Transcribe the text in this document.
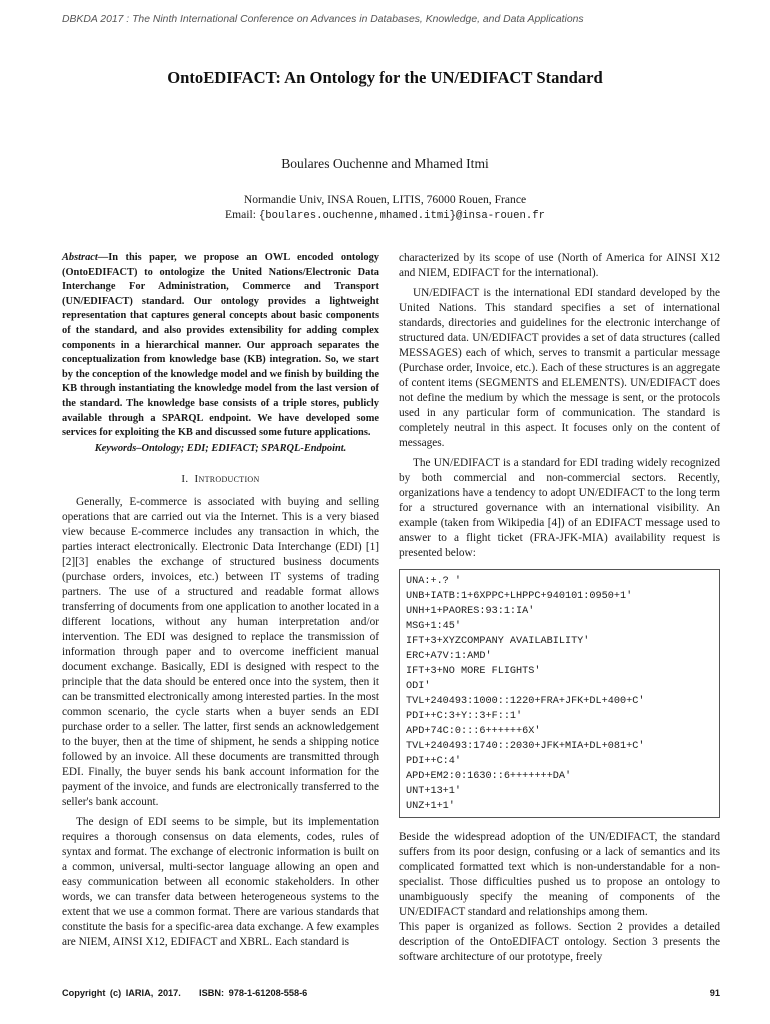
DBKDA 2017 : The Ninth International Conference on Advances in Databases, Knowledge, and Data Applications
OntoEDIFACT: An Ontology for the UN/EDIFACT Standard
Boulares Ouchenne and Mhamed Itmi
Normandie Univ, INSA Rouen, LITIS, 76000 Rouen, France
Email: {boulares.ouchenne,mhamed.itmi}@insa-rouen.fr

Abstract—In this paper, we propose an OWL encoded ontology (OntoEDIFACT) to ontologize the United Nations/Electronic Data Interchange For Administration, Commerce and Transport (UN/EDIFACT) standard. Our ontology provides a lightweight representation that captures general concepts about basic components of the standard, and also provides extensibility for adding complex components in a hierarchical manner. Our approach separates the conceptualization from knowledge base (KB) integration. So, we start by the conception of the knowledge model and we finish by building the KB through instantiating the knowledge model from the last version of the standard. The knowledge base consists of a triple stores, publicly available through a SPARQL endpoint. We have developed some services for exploiting the KB and discussed some future applications.

Keywords–Ontology; EDI; EDIFACT; SPARQL-Endpoint.

I. Introduction

Generally, E-commerce is associated with buying and selling operations that are carried out via the Internet. This is a very biased view because E-commerce includes any transaction in which, the parties interact electronically. Electronic Data Interchange (EDI) [1][2][3] enables the exchange of structured business documents (purchase orders, invoices, etc.) between IT systems of trading partners. The use of a structured and readable format allows transferring of documents from one application to another located in a different locations, without any human interpretation and/or intervention. The EDI was designed to replace the transmission of information through paper and to overcome inefficient manual document exchange. Basically, EDI is designed with respect to the principle that the data should be entered once into the system, then it can be transmitted electronically among interested parties. In the most common scenario, the cycle starts when a buyer sends an EDI purchase order to a seller. The latter, first sends an acknowledgement to the buyer, then at the time of shipment, he sends a shipping notice followed by an invoice. All these documents are transmitted through EDI. Finally, the buyer sends his bank account information for the payment of the invoice, and funds are electronically transferred to the seller's bank account.

The design of EDI seems to be simple, but its implementation requires a thorough consensus on data elements, codes, rules of syntax and format. The exchange of electronic information is built on a common, universal, multi-sector language allowing an open and easy communication between all economic stakeholders. In other words, we can transfer data between heterogeneous systems to the extent that we use a common format. There are various standards that constitute the basis for a specific-area data exchange. A few examples are NIEM, AINSI X12, EDIFACT and XBRL. Each standard is

characterized by its scope of use (North of America for AINSI X12 and NIEM, EDIFACT for the international).

UN/EDIFACT is the international EDI standard developed by the United Nations. This standard specifies a set of international standards, directories and guidelines for the electronic interchange of structured data. UN/EDIFACT provides a set of data structures (called MESSAGES) each of which, serves to transmit a particular message (Purchase order, Invoice, etc.). Each of these structures is an aggregate of content items (SEGMENTS and ELEMENTS). UN/EDIFACT does not define the medium by which the message is sent, or the protocols used in any particular form of communication. The standard is completely neutral in this aspect. It focuses only on the content of messages.

The UN/EDIFACT is a standard for EDI trading widely recognized by both commercial and non-commercial sectors. Recently, organizations have a tendency to adopt UN/EDIFACT to the long term for a structured governance with an international visibility. An example (taken from Wikipedia [4]) of an EDIFACT message used to answer to a flight ticket (FRA-JFK-MIA) availability request is presented below:

UNA:+.? '
UNB+IATB:1+6XPPC+LHPPC+940101:0950+1'
UNH+1+PAORES:93:1:IA'
MSG+1:45'
IFT+3+XYZCOMPANY AVAILABILITY'
ERC+A7V:1:AMD'
IFT+3+NO MORE FLIGHTS'
ODI'
TVL+240493:1000::1220+FRA+JFK+DL+400+C'
PDI++C:3+Y::3+F::1'
APD+74C:0:::6++++++6X'
TVL+240493:1740::2030+JFK+MIA+DL+081+C'
PDI++C:4'
APD+EM2:0:1630::6+++++++DA'
UNT+13+1'
UNZ+1+1'

Beside the widespread adoption of the UN/EDIFACT, the standard suffers from its poor design, confusing or a lack of semantics and its complicated formatted text which is non-understandable for a non-specialist. Those difficulties pushed us to propose an ontology to unambiguously specify the meaning of components of the UN/EDIFACT standard and relationships among them.

This paper is organized as follows. Section 2 provides a detailed description of the OntoEDIFACT ontology. Section 3 presents the software architecture of our prototype, freely

Copyright (c) IARIA, 2017. ISBN: 978-1-61208-558-6	91
